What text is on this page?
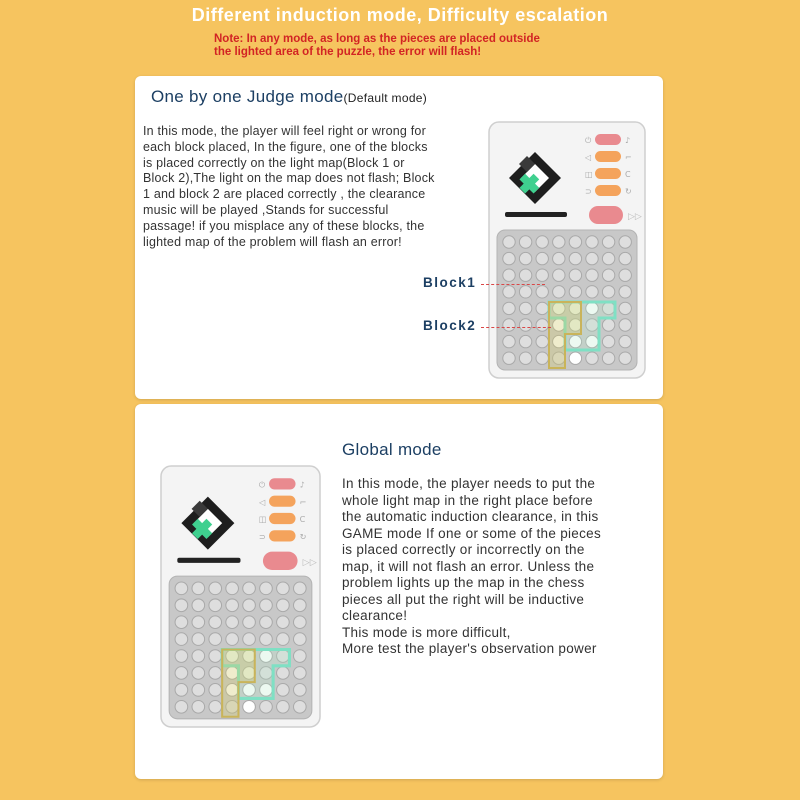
Different induction mode, Difficulty escalation
Note: In any mode, as long as the pieces are placed outside
the lighted area of the puzzle, the error will flash!
One by one Judge mode(Default mode)
In this mode, the player will feel right or wrong for
each block placed, In the figure, one of the blocks
is placed correctly on the light map(Block 1 or
Block 2),The light on the map does not flash; Block
1 and block 2 are placed correctly , the clearance
music will be played ,Stands for successful
passage! if you misplace any of these blocks, the
lighted map of the problem will flash an error!
⏻	♪
◁	⌐
◫	C
⊃	↻
▷▷
Block1
Block2
Global mode
In this mode, the player needs to put the
whole light map in the right place before
the automatic induction clearance, in this
GAME mode If one or some of the pieces
is placed correctly or incorrectly on the
map, it will not flash an error. Unless the
problem lights up the map in the chess
pieces all put the right will be inductive
clearance!
This mode is more difficult,
More test the player's observation power
⏻	♪
◁	⌐
◫	C
⊃	↻
▷▷
